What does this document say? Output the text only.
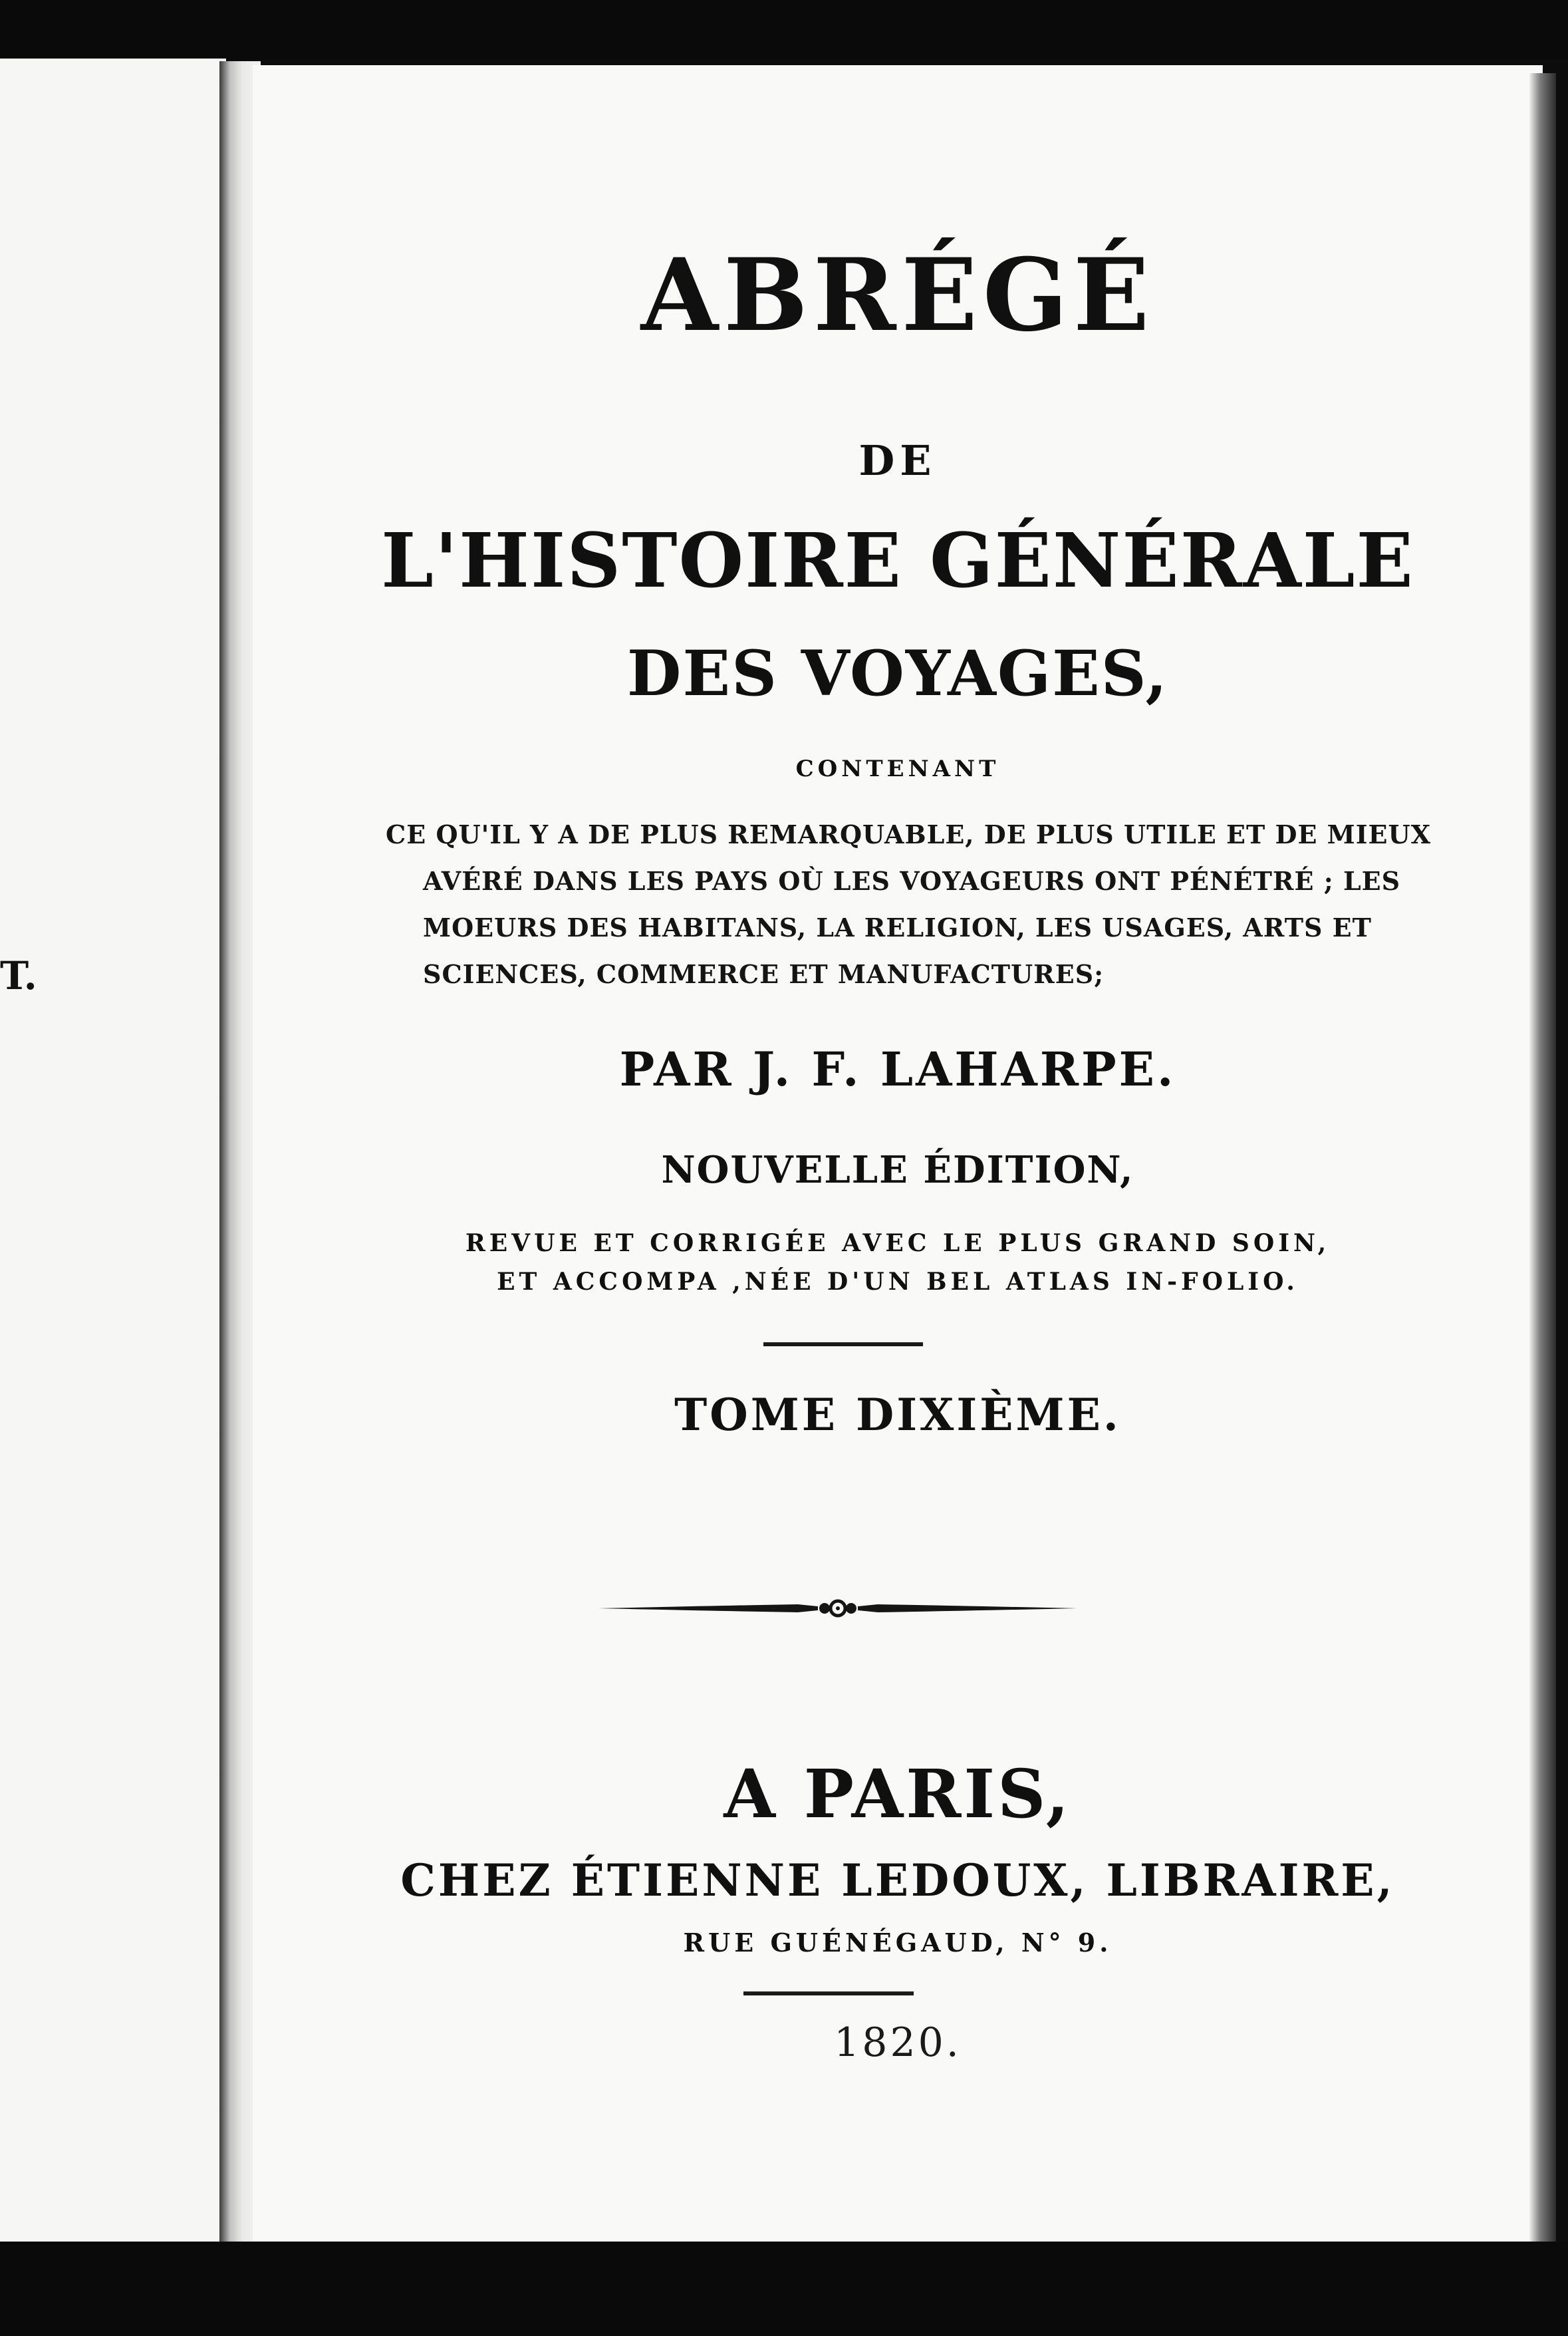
T.
ABRÉGÉ
DE
L'HISTOIRE GÉNÉRALE
DES VOYAGES,
CONTENANT
CE QU'IL Y A DE PLUS REMARQUABLE, DE PLUS UTILE ET DE MIEUX
AVÉRÉ DANS LES PAYS OÙ LES VOYAGEURS ONT PÉNÉTRÉ ; LES
MOEURS DES HABITANS, LA RELIGION, LES USAGES, ARTS ET
SCIENCES, COMMERCE ET MANUFACTURES;
PAR J. F. LAHARPE.
NOUVELLE ÉDITION,
REVUE ET CORRIGÉE AVEC LE PLUS GRAND SOIN,
ET ACCOMPA ,NÉE D'UN BEL ATLAS IN-FOLIO.
TOME DIXIÈME.
A PARIS,
CHEZ ÉTIENNE LEDOUX, LIBRAIRE,
RUE GUÉNÉGAUD, N° 9.
1820.
